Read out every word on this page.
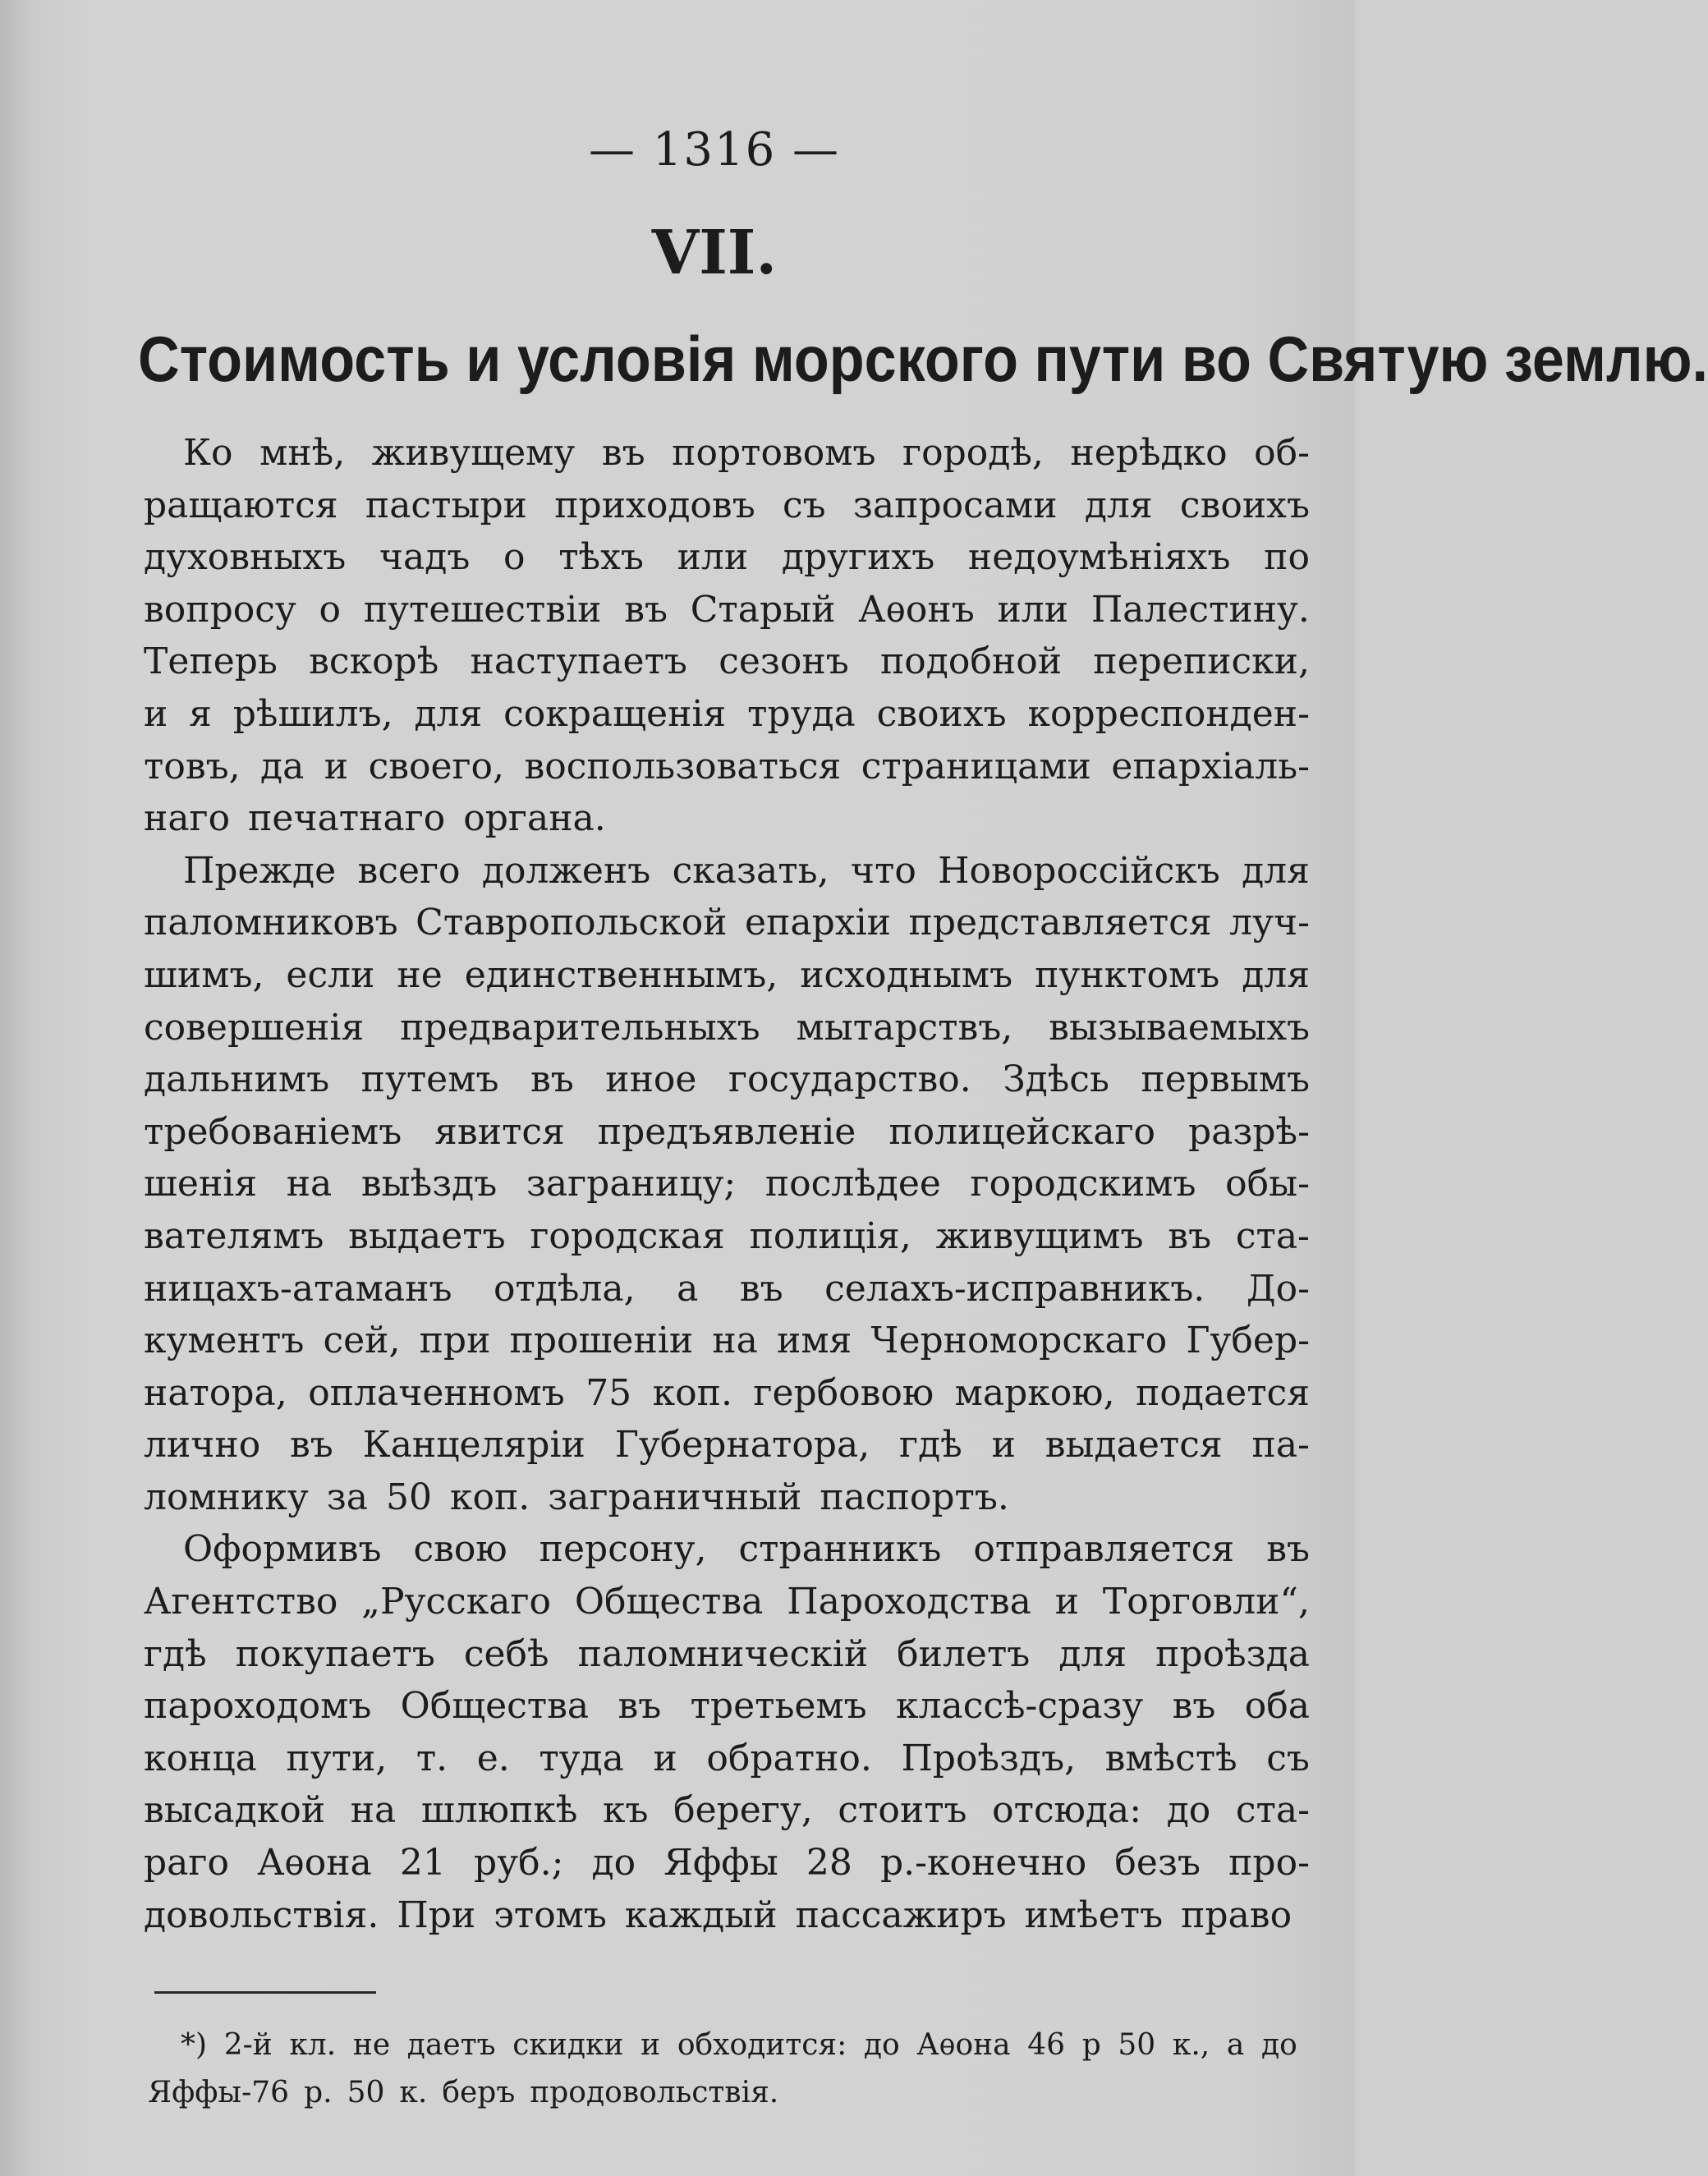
— 1316 —
VII.
Стоимость и условія морского пути во Святую землю.
Ко мнѣ, живущему въ портовомъ городѣ, нерѣдко об-
ращаются пастыри приходовъ съ запросами для своихъ
духовныхъ чадъ о тѣхъ или другихъ недоумѣніяхъ по
вопросу о путешествіи въ Старый Аѳонъ или Палестину.
Теперь вскорѣ наступаетъ сезонъ подобной переписки,
и я рѣшилъ, для сокращенія труда своихъ корреспонден-
товъ, да и своего, воспользоваться страницами епархіаль-
наго печатнаго органа.
Прежде всего долженъ сказать, что Новороссійскъ для
паломниковъ Ставропольской епархіи представляется луч-
шимъ, если не единственнымъ, исходнымъ пунктомъ для
совершенія предварительныхъ мытарствъ, вызываемыхъ
дальнимъ путемъ въ иное государство. Здѣсь первымъ
требованіемъ явится предъявленіе полицейскаго разрѣ-
шенія на выѣздъ заграницу; послѣдее городскимъ обы-
вателямъ выдаетъ городская полиція, живущимъ въ ста-
ницахъ-атаманъ отдѣла, а въ селахъ-исправникъ. До-
кументъ сей, при прошеніи на имя Черноморскаго Губер-
натора, оплаченномъ 75 коп. гербовою маркою, подается
лично въ Канцеляріи Губернатора, гдѣ и выдается па-
ломнику за 50 коп. заграничный паспортъ.
Оформивъ свою персону, странникъ отправляется въ
Агентство „Русскаго Общества Пароходства и Торговли“,
гдѣ покупаетъ себѣ паломническій билетъ для проѣзда
пароходомъ Общества въ третьемъ классѣ-сразу въ оба
конца пути, т. е. туда и обратно. Проѣздъ, вмѣстѣ съ
высадкой на шлюпкѣ къ берегу, стоитъ отсюда: до ста-
раго Аѳона 21 руб.; до Яффы 28 р.-конечно безъ про-
довольствія. При этомъ каждый пассажиръ имѣетъ право
*) 2-й кл. не даетъ скидки и обходится: до Аѳона 46 р 50 к., а до
Яффы-76 р. 50 к. беръ продовольствія.
